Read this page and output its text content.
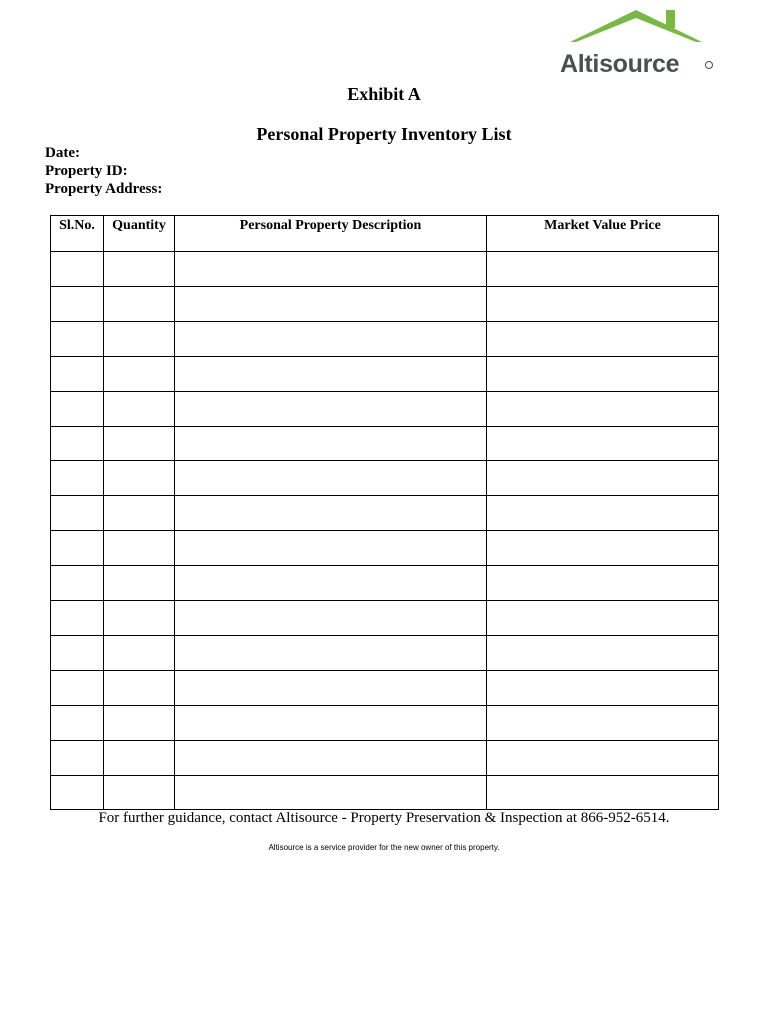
Altisource
Exhibit A
Personal Property Inventory List
Date:
Property ID:
Property Address:
Sl.No.	Quantity	Personal Property Description	Market Value Price
For further guidance, contact Altisource - Property Preservation & Inspection at 866-952-6514.
Altisource is a service provider for the new owner of this property.
